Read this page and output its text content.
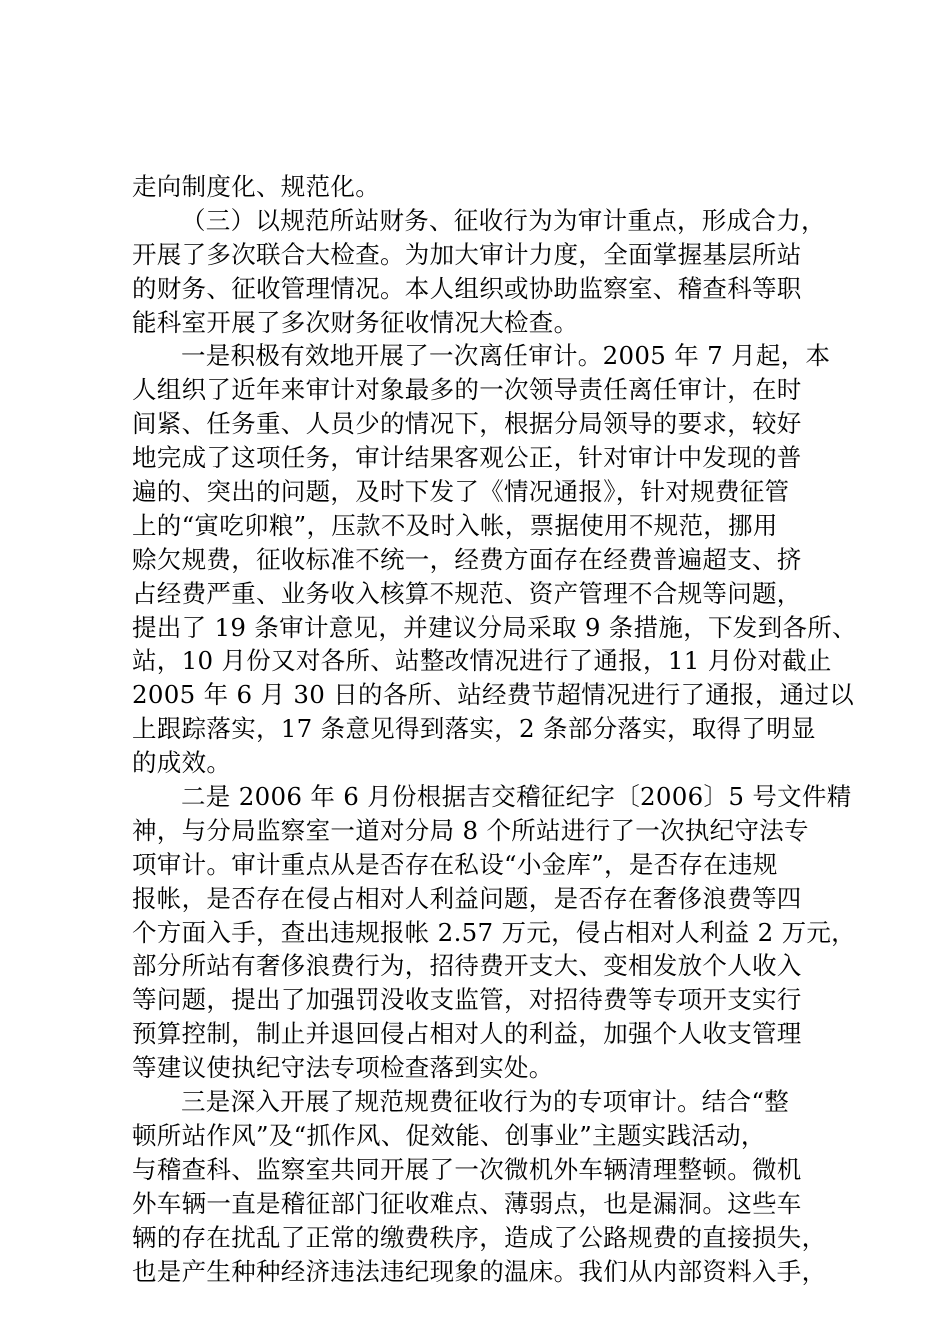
走向制度化、规范化。
（三）以规范所站财务、征收行为为审计重点，形成合力，
开展了多次联合大检查。为加大审计力度，全面掌握基层所站
的财务、征收管理情况。本人组织或协助监察室、稽查科等职
能科室开展了多次财务征收情况大检查。
一是积极有效地开展了一次离任审计。2005 年 7 月起，本
人组织了近年来审计对象最多的一次领导责任离任审计，在时
间紧、任务重、人员少的情况下，根据分局领导的要求，较好
地完成了这项任务，审计结果客观公正，针对审计中发现的普
遍的、突出的问题，及时下发了《情况通报》，针对规费征管
上的“寅吃卯粮”，压款不及时入帐，票据使用不规范，挪用
赊欠规费，征收标准不统一，经费方面存在经费普遍超支、挤
占经费严重、业务收入核算不规范、资产管理不合规等问题，
提出了 19 条审计意见，并建议分局采取 9 条措施，下发到各所、
站，10 月份又对各所、站整改情况进行了通报，11 月份对截止
2005 年 6 月 30 日的各所、站经费节超情况进行了通报，通过以
上跟踪落实，17 条意见得到落实，2 条部分落实，取得了明显
的成效。
二是 2006 年 6 月份根据吉交稽征纪字〔2006〕5 号文件精
神，与分局监察室一道对分局 8 个所站进行了一次执纪守法专
项审计。审计重点从是否存在私设“小金库”，是否存在违规
报帐，是否存在侵占相对人利益问题，是否存在奢侈浪费等四
个方面入手，查出违规报帐 2.57 万元，侵占相对人利益 2 万元，
部分所站有奢侈浪费行为，招待费开支大、变相发放个人收入
等问题，提出了加强罚没收支监管，对招待费等专项开支实行
预算控制，制止并退回侵占相对人的利益，加强个人收支管理
等建议使执纪守法专项检查落到实处。
三是深入开展了规范规费征收行为的专项审计。结合“整
顿所站作风”及“抓作风、促效能、创事业”主题实践活动，
与稽查科、监察室共同开展了一次微机外车辆清理整顿。微机
外车辆一直是稽征部门征收难点、薄弱点，也是漏洞。这些车
辆的存在扰乱了正常的缴费秩序，造成了公路规费的直接损失，
也是产生种种经济违法违纪现象的温床。我们从内部资料入手，
